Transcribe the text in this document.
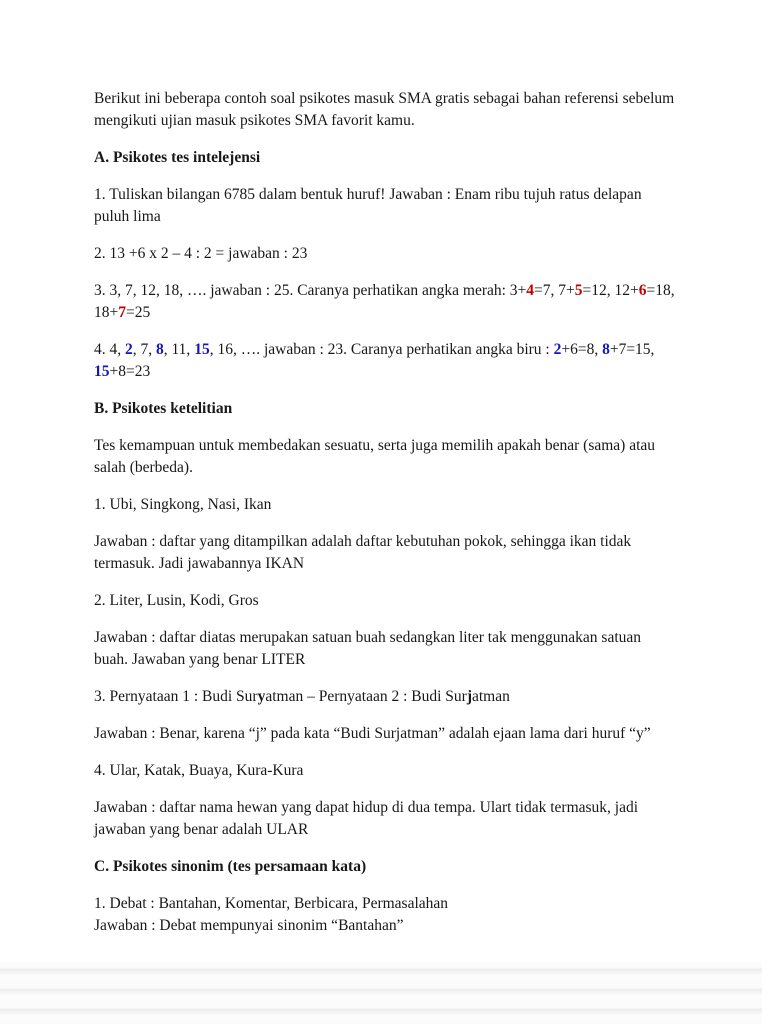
Berikut ini beberapa contoh soal psikotes masuk SMA gratis sebagai bahan referensi sebelum mengikuti ujian masuk psikotes SMA favorit kamu.

A. Psikotes tes intelejensi

1. Tuliskan bilangan 6785 dalam bentuk huruf! Jawaban : Enam ribu tujuh ratus delapan puluh lima

2. 13 +6 x 2 – 4 : 2 = jawaban : 23

3. 3, 7, 12, 18, …. jawaban : 25. Caranya perhatikan angka merah: 3+4=7, 7+5=12, 12+6=18, 18+7=25

4. 4, 2, 7, 8, 11, 15, 16, …. jawaban : 23. Caranya perhatikan angka biru : 2+6=8, 8+7=15, 15+8=23

B. Psikotes ketelitian

Tes kemampuan untuk membedakan sesuatu, serta juga memilih apakah benar (sama) atau salah (berbeda).

1. Ubi, Singkong, Nasi, Ikan

Jawaban : daftar yang ditampilkan adalah daftar kebutuhan pokok, sehingga ikan tidak termasuk. Jadi jawabannya IKAN

2. Liter, Lusin, Kodi, Gros

Jawaban : daftar diatas merupakan satuan buah sedangkan liter tak menggunakan satuan buah. Jawaban yang benar LITER

3. Pernyataan 1 : Budi Suryatman – Pernyataan 2 : Budi Surjatman

Jawaban : Benar, karena “j” pada kata “Budi Surjatman” adalah ejaan lama dari huruf “y”

4. Ular, Katak, Buaya, Kura-Kura

Jawaban : daftar nama hewan yang dapat hidup di dua tempa. Ulart tidak termasuk, jadi jawaban yang benar adalah ULAR

C. Psikotes sinonim (tes persamaan kata)

1. Debat : Bantahan, Komentar, Berbicara, Permasalahan

Jawaban : Debat mempunyai sinonim “Bantahan”
